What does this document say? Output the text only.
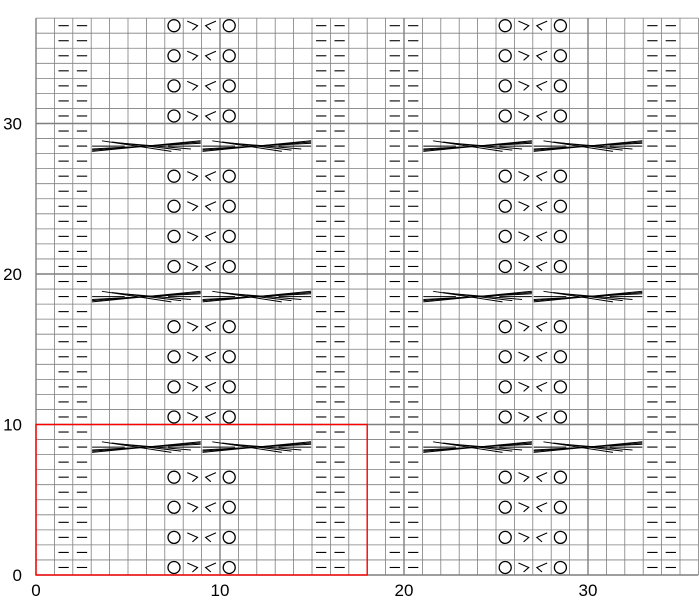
0	10	20	30
0
10
20
30
